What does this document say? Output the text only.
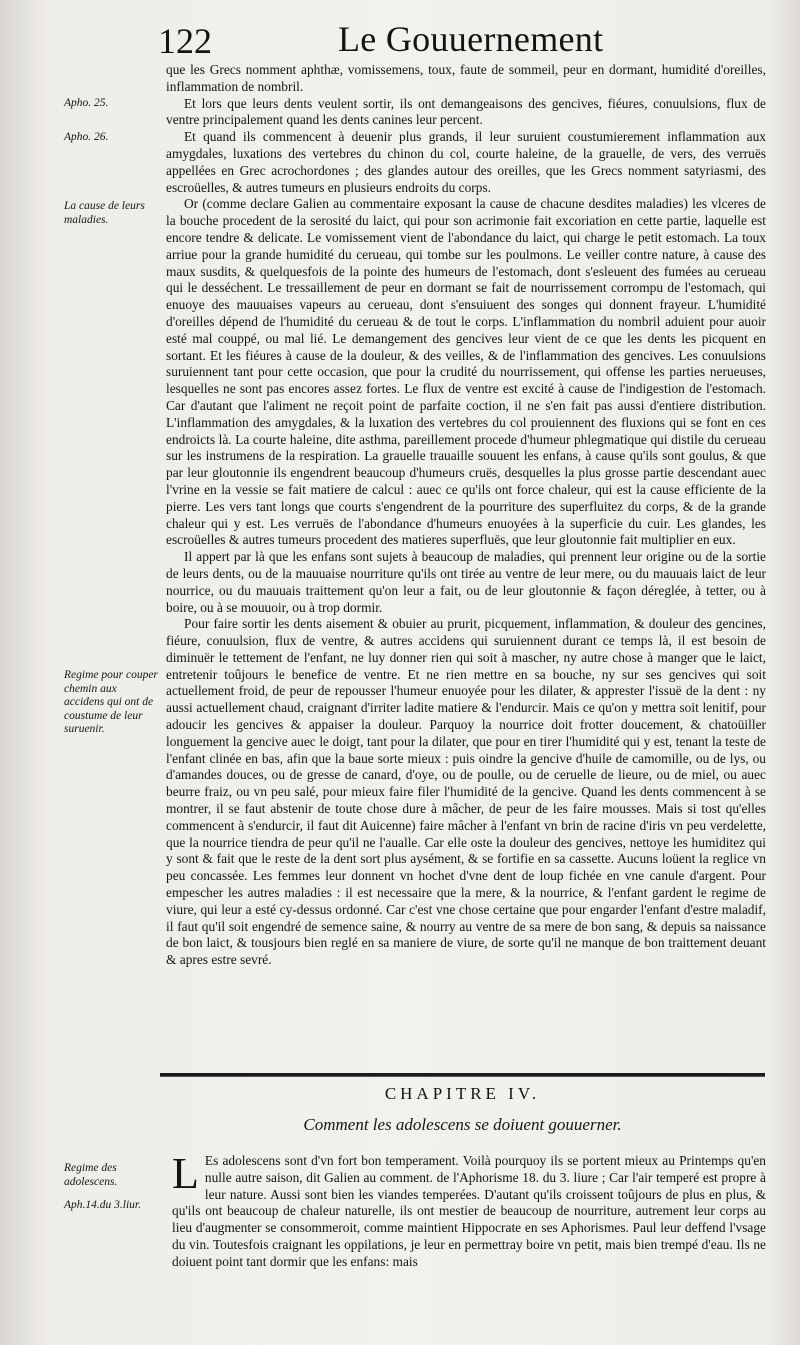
122	Le Gouuernement
Apho. 25.
Apho. 26.
La cause de leurs maladies.
Regime pour couper chemin aux accidens qui ont de coustume de leur suruenir.
Regime des adolescens.
Aph.14.du 3.liur.

que les Grecs nomment aphthæ, vomissemens, toux, faute de sommeil, peur en dormant, humidité d'oreilles, inflammation de nombril.

Et lors que leurs dents veulent sortir, ils ont demangeaisons des gencives, fiéures, conuulsions, flux de ventre principalement quand les dents canines leur percent.

Et quand ils commencent à deuenir plus grands, il leur suruient coustumierement inflammation aux amygdales, luxations des vertebres du chinon du col, courte haleine, de la grauelle, de vers, des verruës appellées en Grec acrochordones ; des glandes autour des oreilles, que les Grecs nomment satyriasmi, des escroüelles, & autres tumeurs en plusieurs endroits du corps.

Or (comme declare Galien au commentaire exposant la cause de chacune desdites maladies) les vlceres de la bouche procedent de la serosité du laict, qui pour son acrimonie fait excoriation en cette partie, laquelle est encore tendre & delicate. Le vomissement vient de l'abondance du laict, qui charge le petit estomach. La toux arriue pour la grande humidité du cerueau, qui tombe sur les poulmons. Le veiller contre nature, à cause des maux susdits, & quelquesfois de la pointe des humeurs de l'estomach, dont s'esleuent des fumées au cerueau qui le desséchent. Le tressaillement de peur en dormant se fait de nourrissement corrompu de l'estomach, qui enuoye des mauuaises vapeurs au cerueau, dont s'ensuiuent des songes qui donnent frayeur. L'humidité d'oreilles dépend de l'humidité du cerueau & de tout le corps. L'inflammation du nombril aduient pour auoir esté mal couppé, ou mal lié. Le demangement des gencives leur vient de ce que les dents les picquent en sortant. Et les fiéures à cause de la douleur, & des veilles, & de l'inflammation des gencives. Les conuulsions suruiennent tant pour cette occasion, que pour la crudité du nourrissement, qui offense les parties nerueuses, lesquelles ne sont pas encores assez fortes. Le flux de ventre est excité à cause de l'indigestion de l'estomach. Car d'autant que l'aliment ne reçoit point de parfaite coction, il ne s'en fait pas aussi d'entiere distribution. L'inflammation des amygdales, & la luxation des vertebres du col prouiennent des fluxions qui se font en ces endroicts là. La courte haleine, dite asthma, pareillement procede d'humeur phlegmatique qui distile du cerueau sur les instrumens de la respiration. La grauelle trauaille souuent les enfans, à cause qu'ils sont goulus, & que par leur gloutonnie ils engendrent beaucoup d'humeurs cruës, desquelles la plus grosse partie descendant auec l'vrine en la vessie se fait matiere de calcul : auec ce qu'ils ont force chaleur, qui est la cause efficiente de la pierre. Les vers tant longs que courts s'engendrent de la pourriture des superfluitez du corps, & de la grande chaleur qui y est. Les verruës de l'abondance d'humeurs enuoyées à la superficie du cuir. Les glandes, les escroüelles & autres tumeurs procedent des matieres superfluës, que leur gloutonnie fait multiplier en eux.

Il appert par là que les enfans sont sujets à beaucoup de maladies, qui prennent leur origine ou de la sortie de leurs dents, ou de la mauuaise nourriture qu'ils ont tirée au ventre de leur mere, ou du mauuais laict de leur nourrice, ou du mauuais traittement qu'on leur a fait, ou de leur gloutonnie & façon déreglée, à tetter, ou à boire, ou à se mouuoir, ou à trop dormir.

Pour faire sortir les dents aisement & obuier au prurit, picquement, inflammation, & douleur des gencines, fiéure, conuulsion, flux de ventre, & autres accidens qui suruiennent durant ce temps là, il est besoin de diminuër le tettement de l'enfant, ne luy donner rien qui soit à mascher, ny autre chose à manger que le laict, entretenir toûjours le benefice de ventre. Et ne rien mettre en sa bouche, ny sur ses gencives qui soit actuellement froid, de peur de repousser l'humeur enuoyée pour les dilater, & apprester l'issuë de la dent : ny aussi actuellement chaud, craignant d'irriter ladite matiere & l'endurcir. Mais ce qu'on y mettra soit lenitif, pour adoucir les gencives & appaiser la douleur. Parquoy la nourrice doit frotter doucement, & chatoüiller longuement la gencive auec le doigt, tant pour la dilater, que pour en tirer l'humidité qui y est, tenant la teste de l'enfant clinée en bas, afin que la baue sorte mieux : puis oindre la gencive d'huile de camomille, ou de lys, ou d'amandes douces, ou de gresse de canard, d'oye, ou de poulle, ou de ceruelle de lieure, ou de miel, ou auec beurre fraiz, ou vn peu salé, pour mieux faire filer l'humidité de la gencive. Quand les dents commencent à se montrer, il se faut abstenir de toute chose dure à mâcher, de peur de les faire mousses. Mais si tost qu'elles commencent à s'endurcir, il faut dit Auicenne) faire mâcher à l'enfant vn brin de racine d'iris vn peu verdelette, que la nourrice tiendra de peur qu'il ne l'aualle. Car elle oste la douleur des gencives, nettoye les humiditez qui y sont & fait que le reste de la dent sort plus aysément, & se fortifie en sa cassette. Aucuns loüent la reglice vn peu concassée. Les femmes leur donnent vn hochet d'vne dent de loup fichée en vne canule d'argent. Pour empescher les autres maladies : il est necessaire que la mere, & la nourrice, & l'enfant gardent le regime de viure, qui leur a esté cy-dessus ordonné. Car c'est vne chose certaine que pour engarder l'enfant d'estre maladif, il faut qu'il soit engendré de semence saine, & nourry au ventre de sa mere de bon sang, & depuis sa naissance de bon laict, & tousjours bien reglé en sa maniere de viure, de sorte qu'il ne manque de bon traittement deuant & apres estre sevré.

CHAPITRE IV.
Comment les adolescens se doiuent gouuerner.
L Es adolescens sont d'vn fort bon temperament. Voilà pourquoy ils se portent mieux au Printemps qu'en nulle autre saison, dit Galien au comment. de l'Aphorisme 18. du 3. liure ; Car l'air temperé est propre à leur nature. Aussi sont bien les viandes temperées. D'autant qu'ils croissent toûjours de plus en plus, & qu'ils ont beaucoup de chaleur naturelle, ils ont mestier de beaucoup de nourriture, autrement leur corps au lieu d'augmenter se consommeroit, comme maintient Hippocrate en ses Aphorismes. Paul leur deffend l'vsage du vin. Toutesfois craignant les oppilations, je leur en permettray boire vn petit, mais bien trempé d'eau. Ils ne doiuent point tant dormir que les enfans: mais
